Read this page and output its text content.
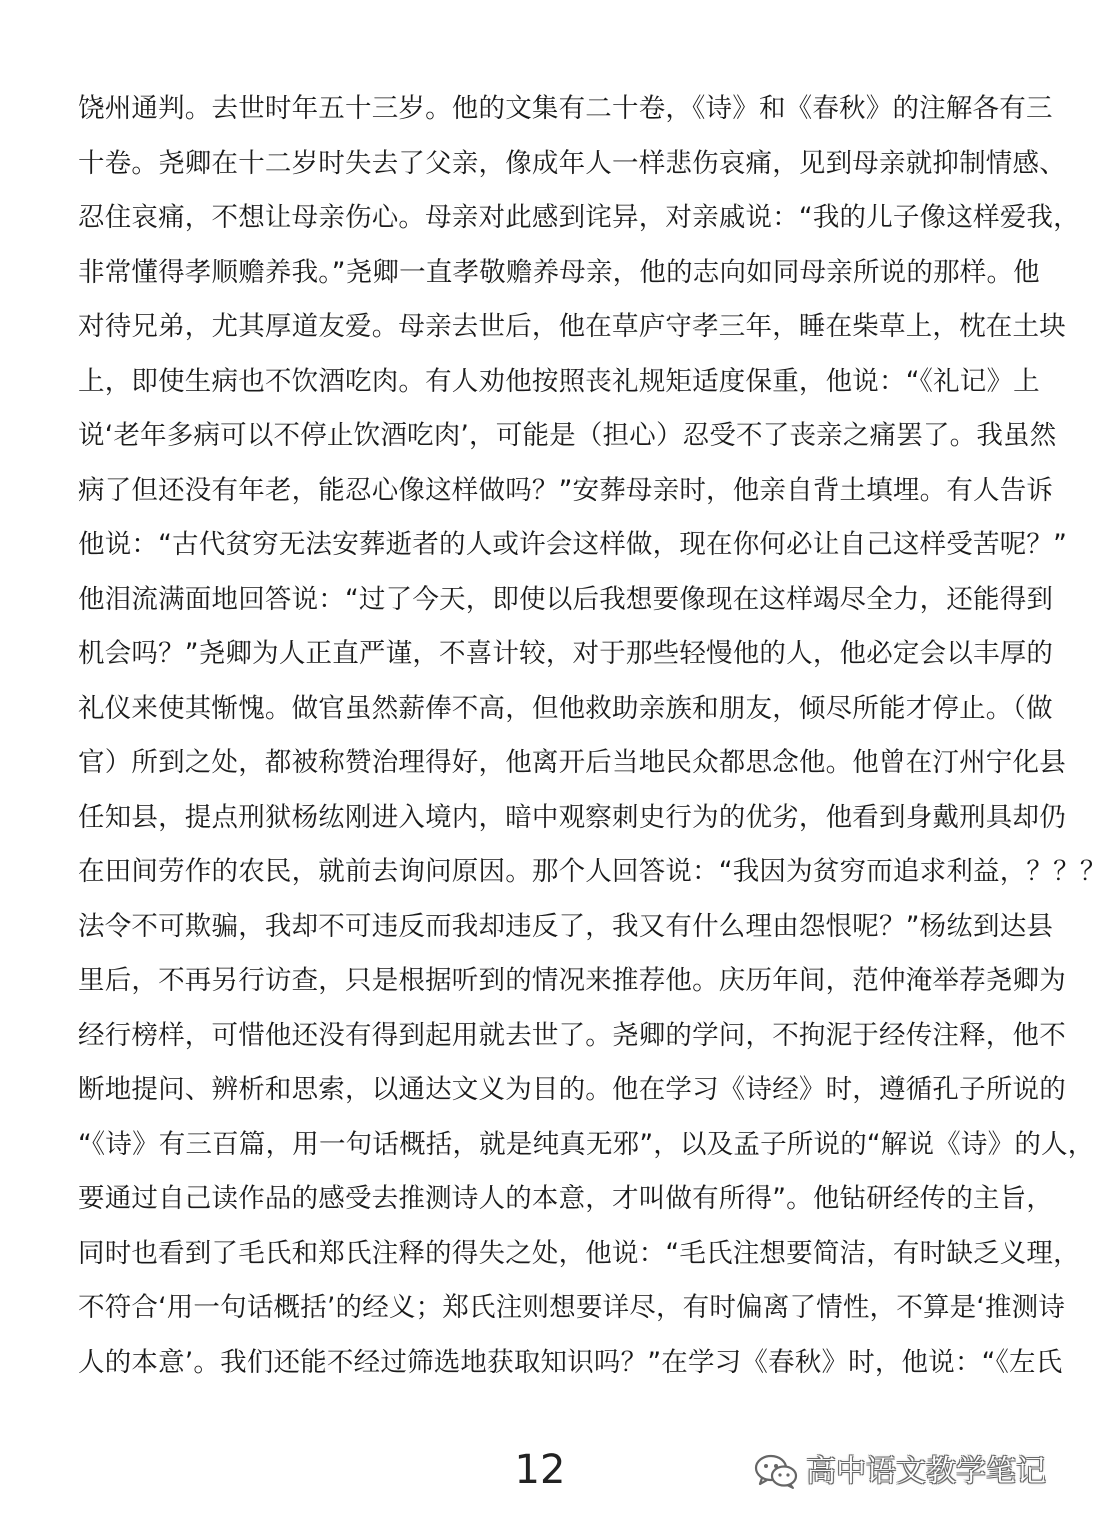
饶州通判。去世时年五十三岁。他的文集有二十卷，《诗》和《春秋》的注解各有三
十卷。尧卿在十二岁时失去了父亲，像成年人一样悲伤哀痛，见到母亲就抑制情感、
忍住哀痛，不想让母亲伤心。母亲对此感到诧异，对亲戚说：“我的儿子像这样爱我，
非常懂得孝顺赡养我。”尧卿一直孝敬赡养母亲，他的志向如同母亲所说的那样。他
对待兄弟，尤其厚道友爱。母亲去世后，他在草庐守孝三年，睡在柴草上，枕在土块
上，即使生病也不饮酒吃肉。有人劝他按照丧礼规矩适度保重，他说：“《礼记》上
说‘老年多病可以不停止饮酒吃肉’，可能是（担心）忍受不了丧亲之痛罢了。我虽然
病了但还没有年老，能忍心像这样做吗？”安葬母亲时，他亲自背土填埋。有人告诉
他说：“古代贫穷无法安葬逝者的人或许会这样做，现在你何必让自己这样受苦呢？”
他泪流满面地回答说：“过了今天，即使以后我想要像现在这样竭尽全力，还能得到
机会吗？”尧卿为人正直严谨，不喜计较，对于那些轻慢他的人，他必定会以丰厚的
礼仪来使其惭愧。做官虽然薪俸不高，但他救助亲族和朋友，倾尽所能才停止。（做
官）所到之处，都被称赞治理得好，他离开后当地民众都思念他。他曾在汀州宁化县
任知县，提点刑狱杨纮刚进入境内，暗中观察刺史行为的优劣，他看到身戴刑具却仍
在田间劳作的农民，就前去询问原因。那个人回答说：“我因为贫穷而追求利益，？？？
法令不可欺骗，我却不可违反而我却违反了，我又有什么理由怨恨呢？”杨纮到达县
里后，不再另行访查，只是根据听到的情况来推荐他。庆历年间，范仲淹举荐尧卿为
经行榜样，可惜他还没有得到起用就去世了。尧卿的学问，不拘泥于经传注释，他不
断地提问、辨析和思索，以通达文义为目的。他在学习《诗经》时，遵循孔子所说的
“《诗》有三百篇，用一句话概括，就是纯真无邪”，以及孟子所说的“解说《诗》的人，
要通过自己读作品的感受去推测诗人的本意，才叫做有所得”。他钻研经传的主旨，
同时也看到了毛氏和郑氏注释的得失之处，他说：“毛氏注想要简洁，有时缺乏义理，
不符合‘用一句话概括’的经义；郑氏注则想要详尽，有时偏离了情性，不算是‘推测诗
人的本意’。我们还能不经过筛选地获取知识吗？”在学习《春秋》时，他说：“《左氏
12	高中语文教学笔记
